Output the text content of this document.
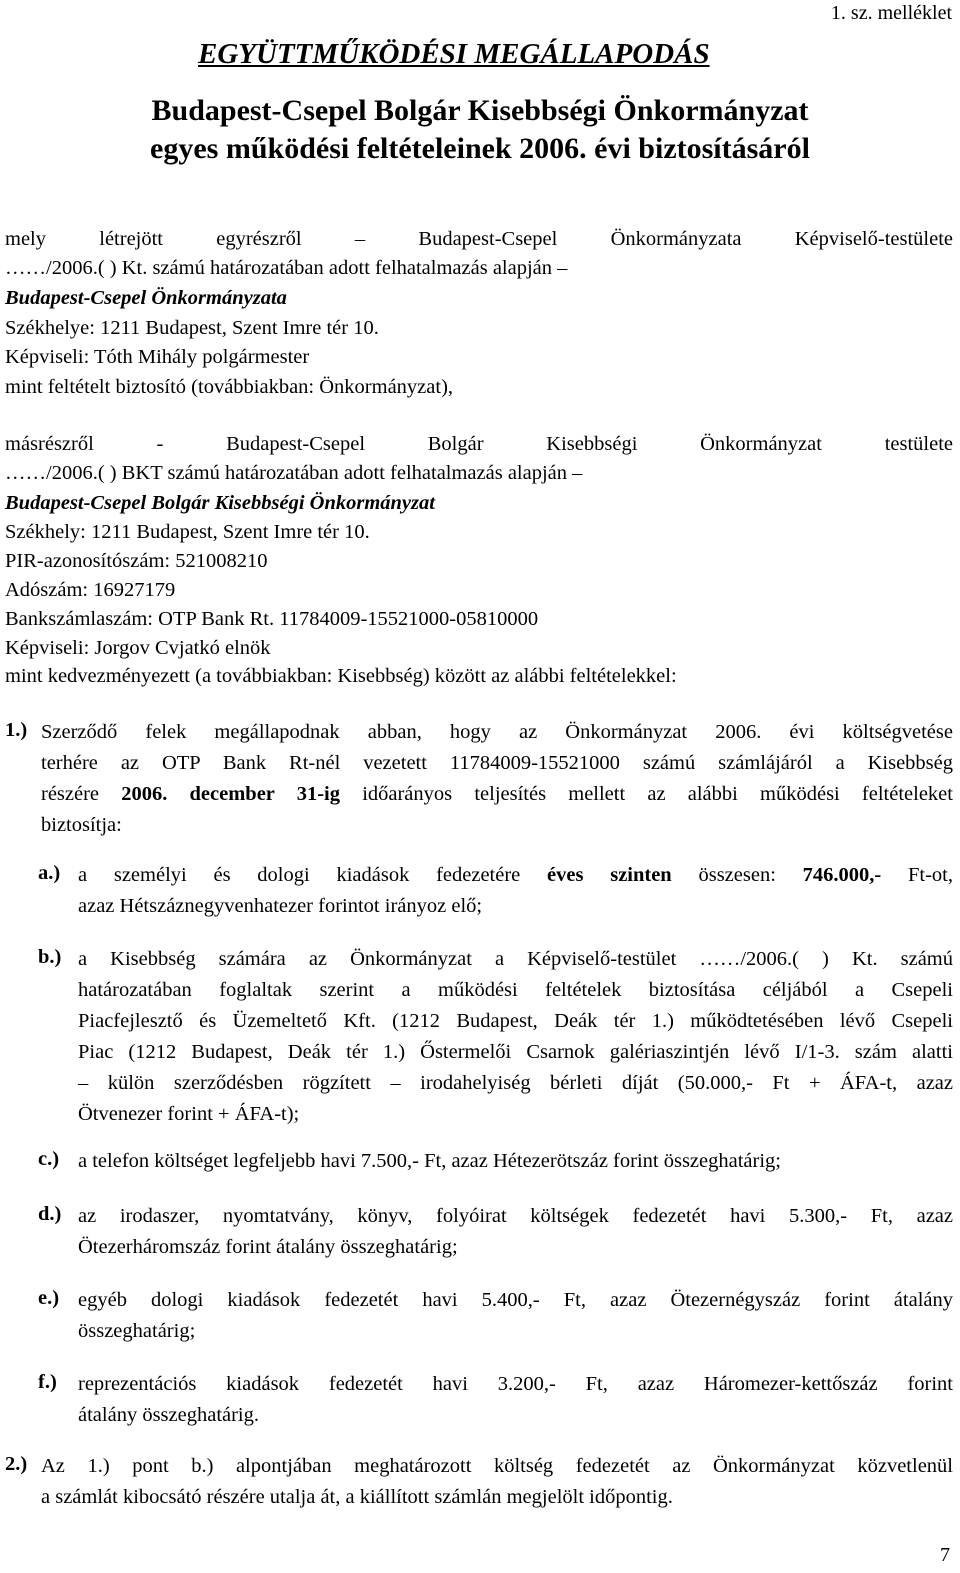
1. sz. melléklet
EGYÜTTMŰKÖDÉSI MEGÁLLAPODÁS
Budapest-Csepel Bolgár Kisebbségi Önkormányzat
egyes működési feltételeinek 2006. évi biztosításáról
mely létrejött egyrészről – Budapest-Csepel Önkormányzata Képviselő-testülete
……/2006.( ) Kt. számú határozatában adott felhatalmazás alapján –
Budapest-Csepel Önkormányzata
Székhelye: 1211 Budapest, Szent Imre tér 10.
Képviseli: Tóth Mihály polgármester
mint feltételt biztosító (továbbiakban: Önkormányzat),
másrészről - Budapest-Csepel Bolgár Kisebbségi Önkormányzat testülete
……/2006.( ) BKT számú határozatában adott felhatalmazás alapján –
Budapest-Csepel Bolgár Kisebbségi Önkormányzat
Székhely: 1211 Budapest, Szent Imre tér 10.
PIR-azonosítószám: 521008210
Adószám: 16927179
Bankszámlaszám: OTP Bank Rt. 11784009-15521000-05810000
Képviseli: Jorgov Cvjatkó elnök
mint kedvezményezett (a továbbiakban: Kisebbség) között az alábbi feltételekkel:
1.) Szerződő felek megállapodnak abban, hogy az Önkormányzat 2006. évi költségvetése
terhére az OTP Bank Rt-nél vezetett 11784009-15521000 számú számlájáról a Kisebbség
részére 2006. december 31-ig időarányos teljesítés mellett az alábbi működési feltételeket
biztosítja:
a.) a személyi és dologi kiadások fedezetére éves szinten összesen: 746.000,- Ft-ot,
azaz Hétszáznegyvenhatezer forintot irányoz elő;
b.) a Kisebbség számára az Önkormányzat a Képviselő-testület ……/2006.( ) Kt. számú
határozatában foglaltak szerint a működési feltételek biztosítása céljából a Csepeli
Piacfejlesztő és Üzemeltető Kft. (1212 Budapest, Deák tér 1.) működtetésében lévő Csepeli
Piac (1212 Budapest, Deák tér 1.) Őstermelői Csarnok galériaszintjén lévő I/1-3. szám alatti
– külön szerződésben rögzített – irodahelyiség bérleti díját (50.000,- Ft + ÁFA-t, azaz
Ötvenezer forint + ÁFA-t);
c.) a telefon költséget legfeljebb havi 7.500,- Ft, azaz Hétezerötszáz forint összeghatárig;
d.) az irodaszer, nyomtatvány, könyv, folyóirat költségek fedezetét havi 5.300,- Ft, azaz
Ötezerháromszáz forint átalány összeghatárig;
e.) egyéb dologi kiadások fedezetét havi 5.400,- Ft, azaz Ötezernégyszáz forint átalány
összeghatárig;
f.) reprezentációs kiadások fedezetét havi 3.200,- Ft, azaz Háromezer-kettőszáz forint
átalány összeghatárig.
2.) Az 1.) pont b.) alpontjában meghatározott költség fedezetét az Önkormányzat közvetlenül
a számlát kibocsátó részére utalja át, a kiállított számlán megjelölt időpontig.
7
